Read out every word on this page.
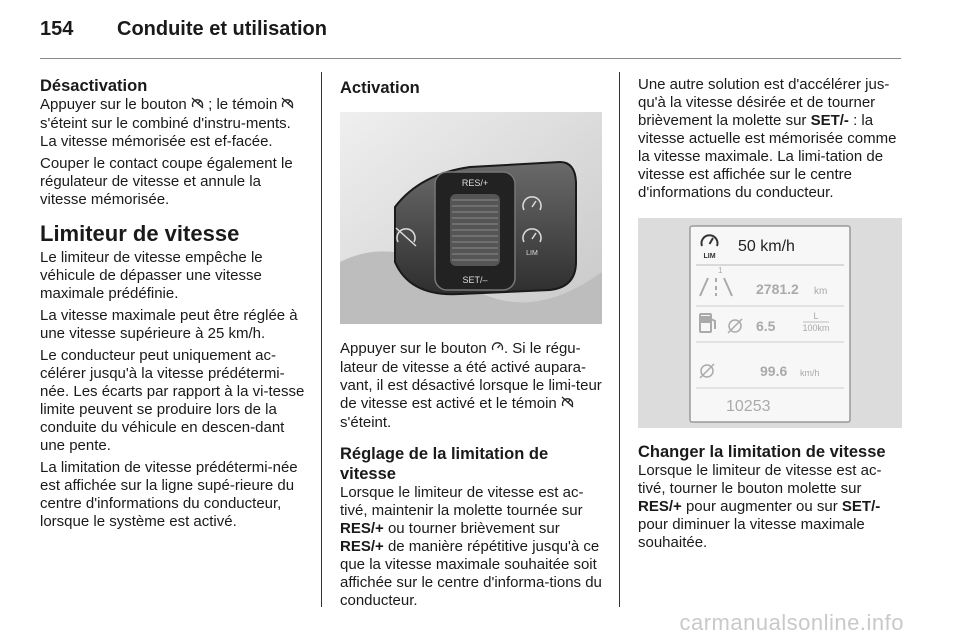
154 Conduite et utilisation
Désactivation

Appuyer sur le bouton ; le témoin  s'éteint sur le combiné d'instru-ments. La vitesse mémorisée est ef-facée.

Couper le contact coupe également le régulateur de vitesse et annule la vitesse mémorisée.

Limiteur de vitesse

Le limiteur de vitesse empêche le véhicule de dépasser une vitesse maximale prédéfinie.

La vitesse maximale peut être réglée à une vitesse supérieure à 25 km/h.

Le conducteur peut uniquement ac-célérer jusqu'à la vitesse prédétermi-née. Les écarts par rapport à la vi-tesse limite peuvent se produire lors de la conduite du véhicule en descen-dant une pente.

La limitation de vitesse prédétermi-née est affichée sur la ligne supé-rieure du centre d'informations du conducteur, lorsque le système est activé.

Activation
RES/+
SET/–
LIM

Appuyer sur le bouton . Si le régu-lateur de vitesse a été activé aupara-vant, il est désactivé lorsque le limi-teur de vitesse est activé et le témoin  s'éteint.

Réglage de la limitation de vitesse

Lorsque le limiteur de vitesse est ac-tivé, maintenir la molette tournée sur RES/+ ou tourner brièvement sur RES/+ de manière répétitive jusqu'à ce que la vitesse maximale souhaitée soit affichée sur le centre d'informa-tions du conducteur.

Une autre solution est d'accélérer jus-qu'à la vitesse désirée et de tourner brièvement la molette sur SET/- : la vitesse actuelle est mémorisée comme la vitesse maximale. La limi-tation de vitesse est affichée sur le centre d'informations du conducteur.

LIM
50 km/h
1
2781.2 km
6.5
L
100km
99.6 km/h
10253
Changer la limitation de vitesse

Lorsque le limiteur de vitesse est ac-tivé, tourner le bouton molette sur RES/+ pour augmenter ou sur SET/- pour diminuer la vitesse maximale souhaitée.

carmanualsonline.info
